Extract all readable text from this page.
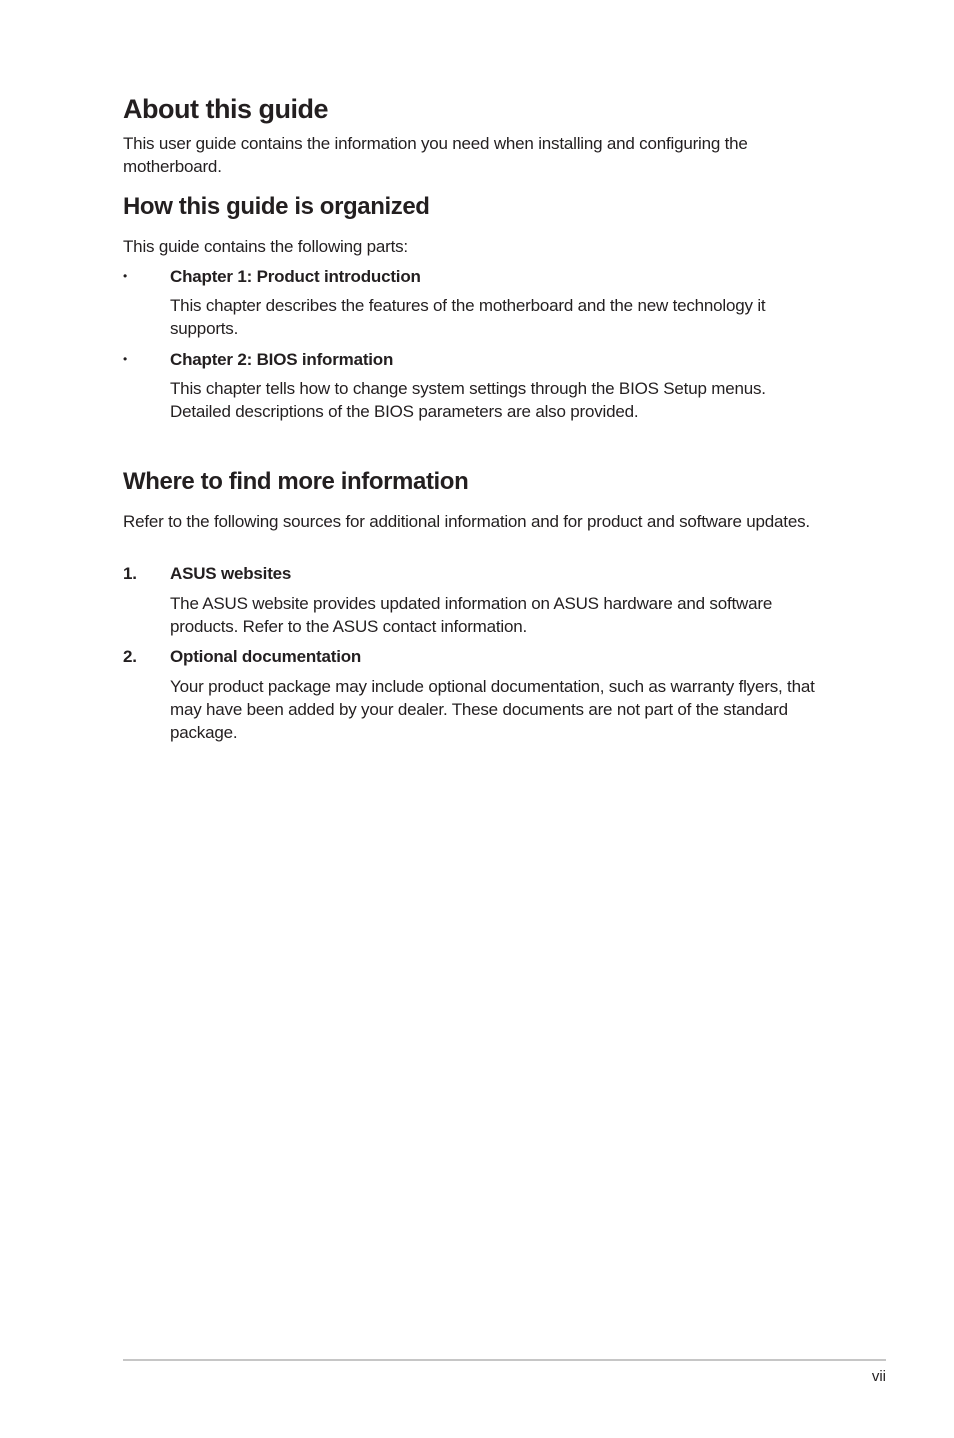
About this guide

This user guide contains the information you need when installing and configuring the motherboard.

How this guide is organized

This guide contains the following parts:

•	Chapter 1: Product introduction

This chapter describes the features of the motherboard and the new technology it supports.

•	Chapter 2: BIOS information

This chapter tells how to change system settings through the BIOS Setup menus. Detailed descriptions of the BIOS parameters are also provided.

Where to find more information

Refer to the following sources for additional information and for product and software updates.

1. ASUS websites

The ASUS website provides updated information on ASUS hardware and software products. Refer to the ASUS contact information.

2. Optional documentation

Your product package may include optional documentation, such as warranty flyers, that may have been added by your dealer. These documents are not part of the standard package.

vii
